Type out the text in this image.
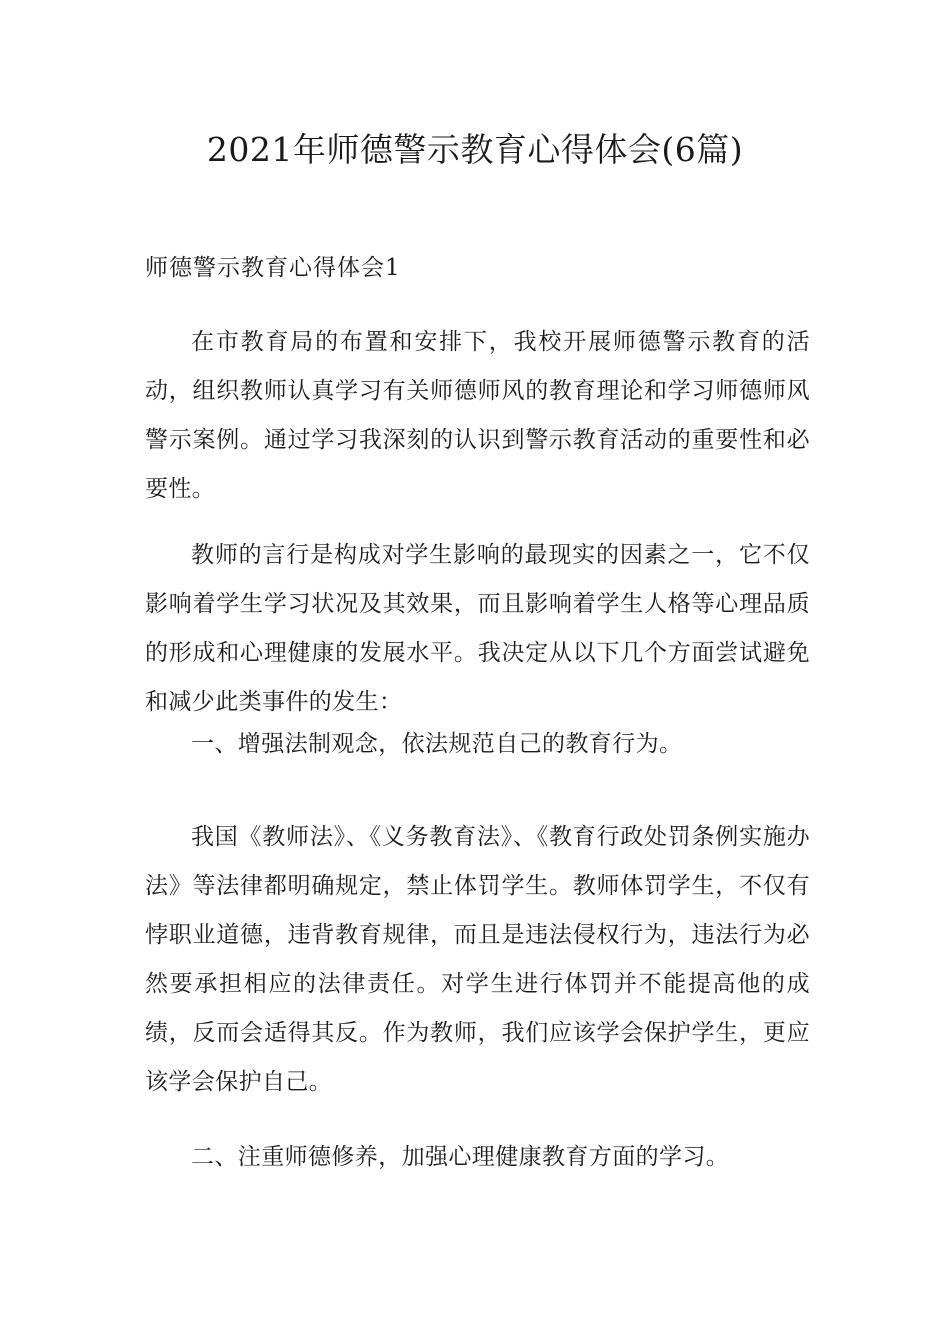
2021年师德警示教育心得体会(6篇)
师德警示教育心得体会1

在市教育局的布置和安排下，我校开展师德警示教育的活动，组织教师认真学习有关师德师风的教育理论和学习师德师风警示案例。通过学习我深刻的认识到警示教育活动的重要性和必要性。

教师的言行是构成对学生影响的最现实的因素之一，它不仅影响着学生学习状况及其效果，而且影响着学生人格等心理品质的形成和心理健康的发展水平。我决定从以下几个方面尝试避免和减少此类事件的发生：

一、增强法制观念，依法规范自己的教育行为。

我国《教师法》、《义务教育法》、《教育行政处罚条例实施办法》等法律都明确规定，禁止体罚学生。教师体罚学生，不仅有悖职业道德，违背教育规律，而且是违法侵权行为，违法行为必然要承担相应的法律责任。对学生进行体罚并不能提高他的成绩，反而会适得其反。作为教师，我们应该学会保护学生，更应该学会保护自己。

二、注重师德修养，加强心理健康教育方面的学习。
